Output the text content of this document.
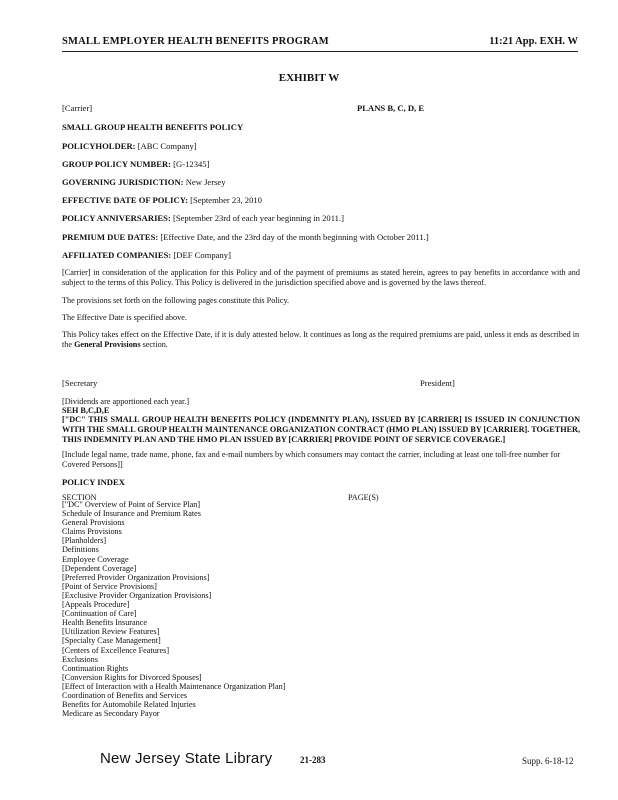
SMALL EMPLOYER HEALTH BENEFITS PROGRAM	11:21 App. EXH. W
EXHIBIT W
[Carrier]	PLANS B, C, D, E
SMALL GROUP HEALTH BENEFITS POLICY
POLICYHOLDER: [ABC Company]
GROUP POLICY NUMBER: [G-12345]
GOVERNING JURISDICTION: New Jersey
EFFECTIVE DATE OF POLICY: [September 23, 2010
POLICY ANNIVERSARIES: [September 23rd of each year beginning in 2011.]
PREMIUM DUE DATES: [Effective Date, and the 23rd day of the month beginning with October 2011.]
AFFILIATED COMPANIES: [DEF Company]
[Carrier] in consideration of the application for this Policy and of the payment of premiums as stated herein, agrees to pay benefits in accordance with and subject to the terms of this Policy. This Policy is delivered in the jurisdiction specified above and is governed by the laws thereof.
The provisions set forth on the following pages constitute this Policy.
The Effective Date is specified above.
This Policy takes effect on the Effective Date, if it is duly attested below. It continues as long as the required premiums are paid, unless it ends as described in the General Provisions section.
[Secretary	President]
[Dividends are apportioned each year.]
SEH B,C,D,E
["DC" THIS SMALL GROUP HEALTH BENEFITS POLICY (INDEMNITY PLAN), ISSUED BY [CARRIER] IS ISSUED IN CONJUNCTION WITH THE SMALL GROUP HEALTH MAINTENANCE ORGANIZATION CONTRACT (HMO PLAN) ISSUED BY [CARRIER]. TOGETHER, THIS INDEMNITY PLAN AND THE HMO PLAN ISSUED BY [CARRIER] PROVIDE POINT OF SERVICE COVERAGE.]
[Include legal name, trade name, phone, fax and e-mail numbers by which consumers may contact the carrier, including at least one toll-free number for Covered Persons]]
POLICY INDEX
SECTION	PAGE(S)
["DC" Overview of Point of Service Plan]
Schedule of Insurance and Premium Rates
General Provisions
Claims Provisions
[Planholders]
Definitions
Employee Coverage
[Dependent Coverage]
[Preferred Provider Organization Provisions]
[Point of Service Provisions]
[Exclusive Provider Organization Provisions]
[Appeals Procedure]
[Continuation of Care]
Health Benefits Insurance
[Utilization Review Features]
[Specialty Case Management]
[Centers of Excellence Features]
Exclusions
Continuation Rights
[Conversion Rights for Divorced Spouses]
[Effect of Interaction with a Health Maintenance Organization Plan]
Coordination of Benefits and Services
Benefits for Automobile Related Injuries
Medicare as Secondary Payor
New Jersey State Library	21-283	Supp. 6-18-12
